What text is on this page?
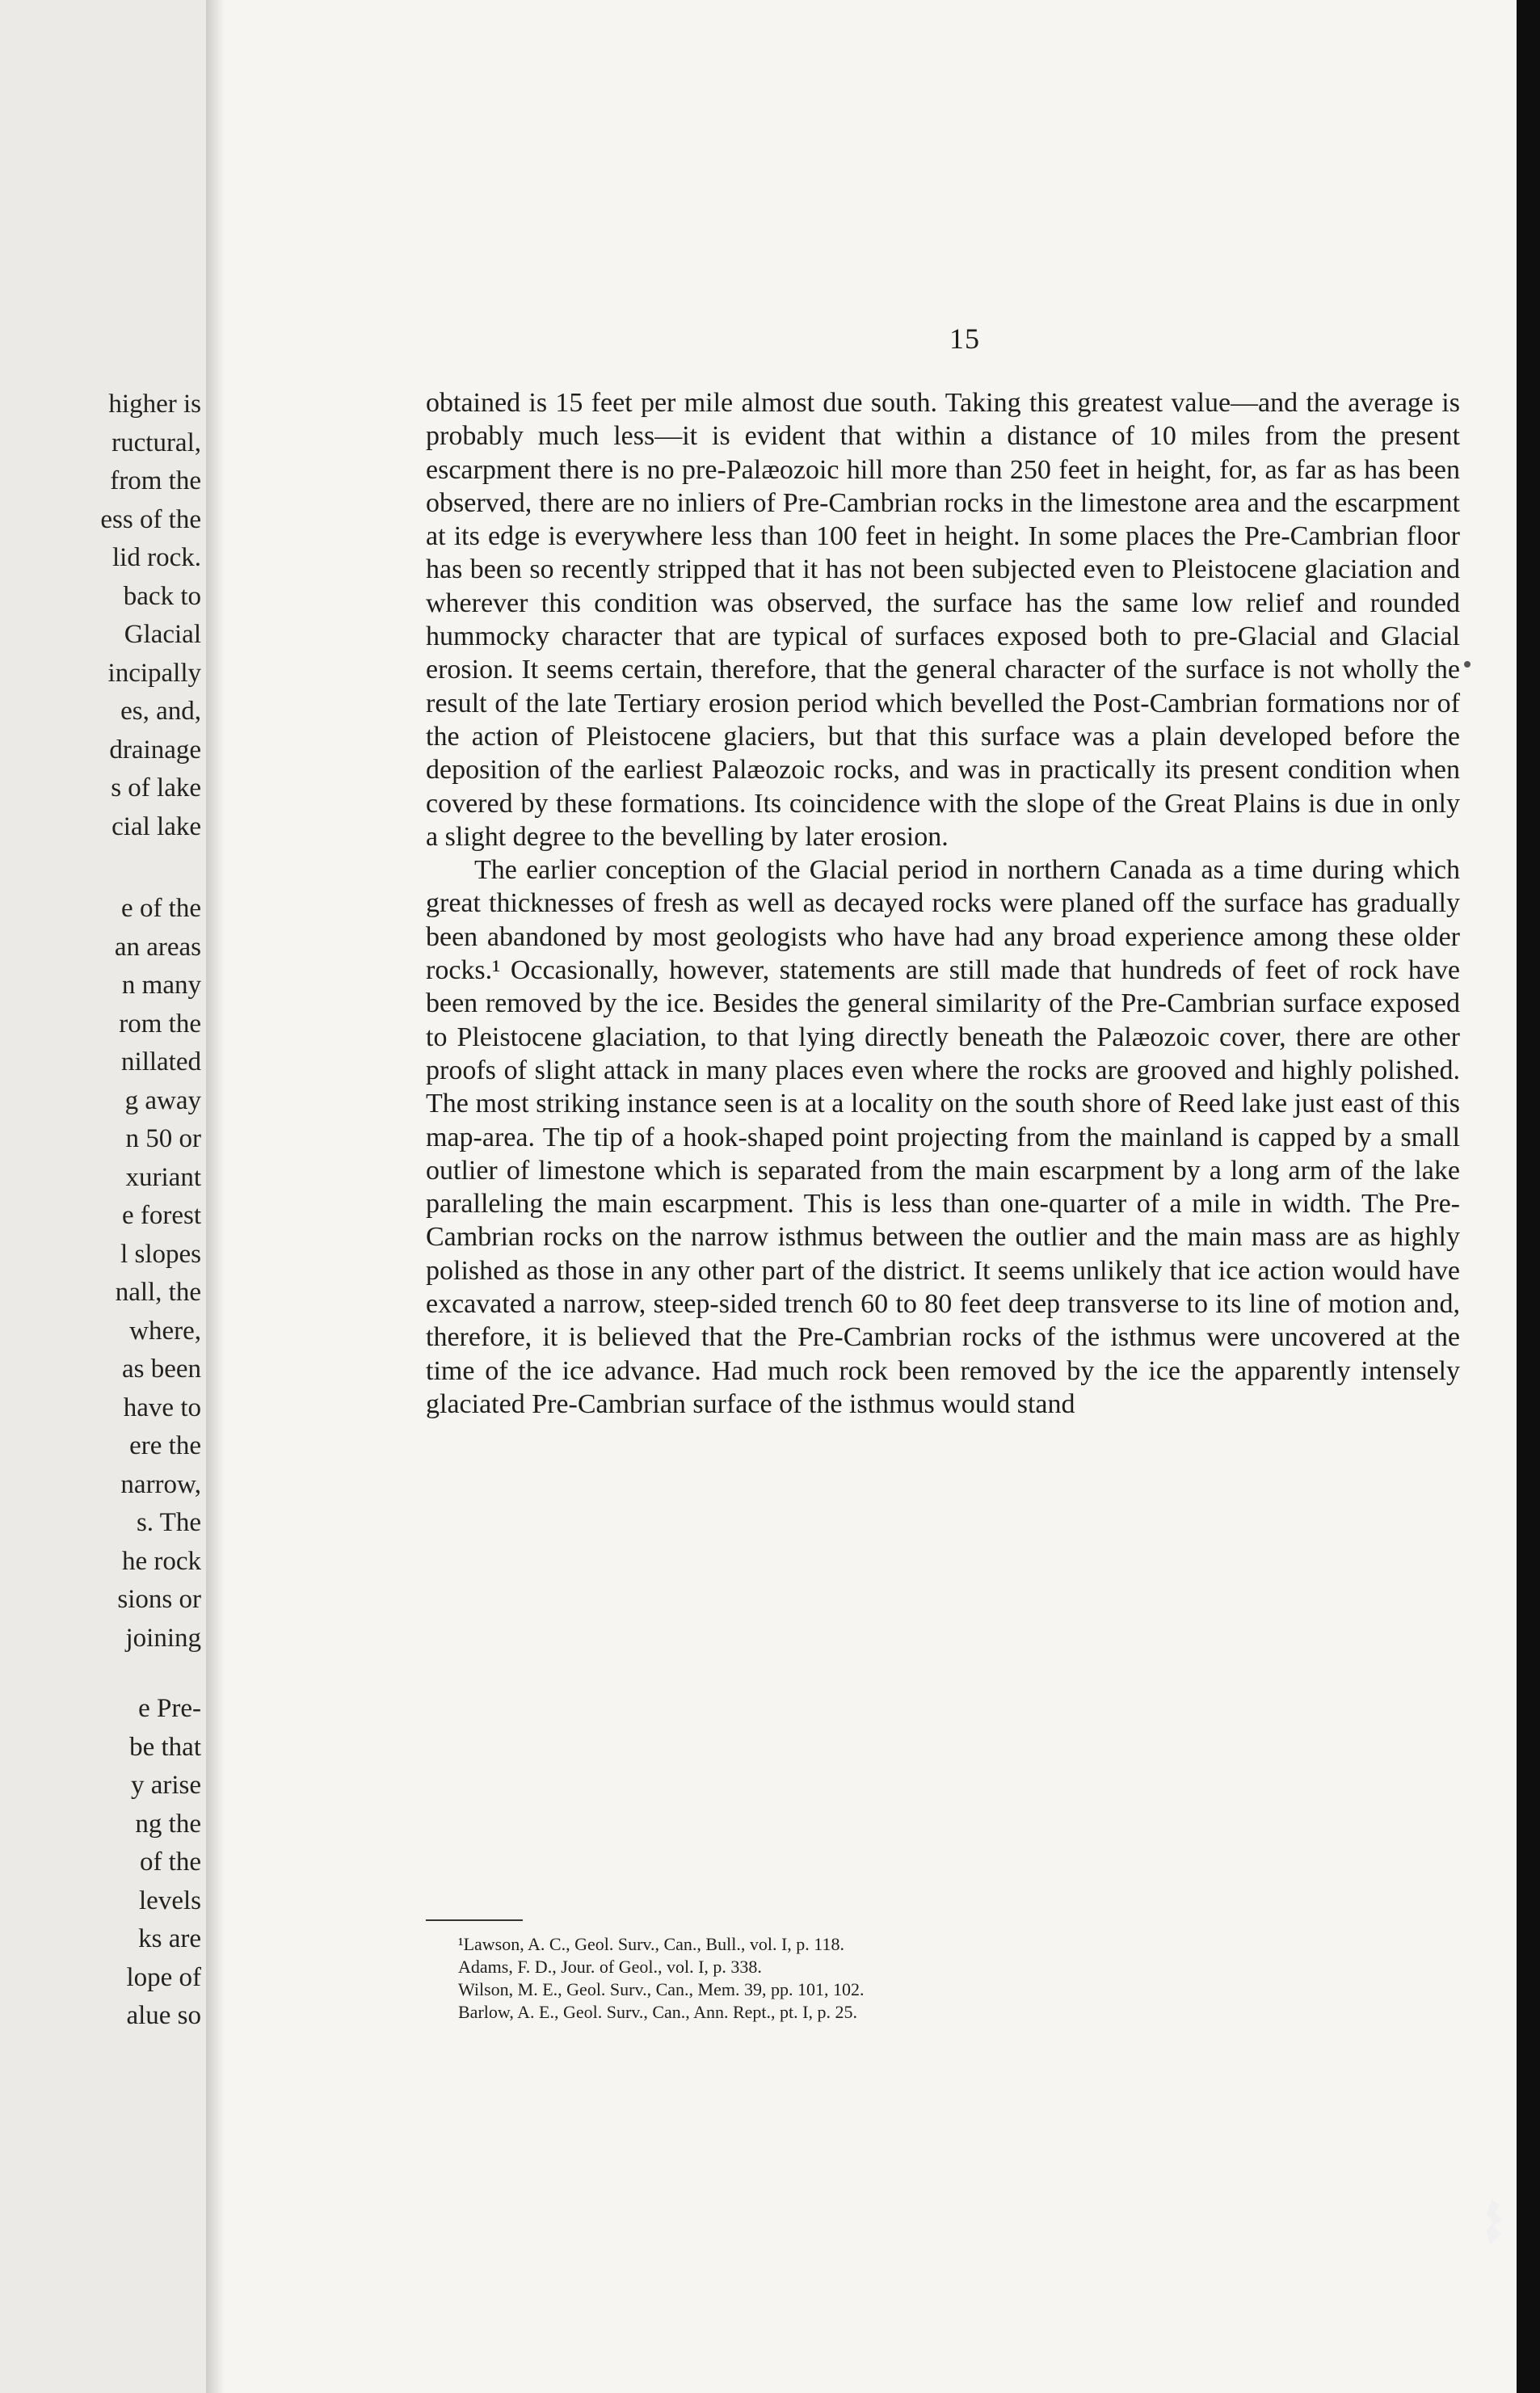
higher is
ructural,
from the
ess of the
lid rock.
back to
Glacial
incipally
es, and,
drainage
s of lake
cial lake
e of the
an areas
n many
rom the
nillated
g away
n 50 or
xuriant
e forest
l slopes
nall, the
where,
as been
have to
ere the
narrow,
s. The
he rock
sions or
joining
e Pre-
be that
y arise
ng the
of the
levels
ks are
lope of
alue so
15

obtained is 15 feet per mile almost due south. Taking this greatest value—and the average is probably much less—it is evident that within a distance of 10 miles from the present escarpment there is no pre-Palæozoic hill more than 250 feet in height, for, as far as has been observed, there are no inliers of Pre-Cambrian rocks in the limestone area and the escarpment at its edge is everywhere less than 100 feet in height. In some places the Pre-Cambrian floor has been so recently stripped that it has not been subjected even to Pleistocene glaciation and wherever this condition was observed, the surface has the same low relief and rounded hummocky character that are typical of surfaces exposed both to pre-Glacial and Glacial erosion. It seems certain, therefore, that the general character of the surface is not wholly the result of the late Tertiary erosion period which bevelled the Post-Cambrian formations nor of the action of Pleistocene glaciers, but that this surface was a plain developed before the deposition of the earliest Palæozoic rocks, and was in practically its present condition when covered by these formations. Its coincidence with the slope of the Great Plains is due in only a slight degree to the bevelling by later erosion.

The earlier conception of the Glacial period in northern Canada as a time during which great thicknesses of fresh as well as decayed rocks were planed off the surface has gradually been abandoned by most geologists who have had any broad experience among these older rocks.¹ Occasionally, however, statements are still made that hundreds of feet of rock have been removed by the ice. Besides the general similarity of the Pre-Cambrian surface exposed to Pleistocene glaciation, to that lying directly beneath the Palæozoic cover, there are other proofs of slight attack in many places even where the rocks are grooved and highly polished. The most striking instance seen is at a locality on the south shore of Reed lake just east of this map-area. The tip of a hook-shaped point projecting from the mainland is capped by a small outlier of limestone which is separated from the main escarpment by a long arm of the lake paralleling the main escarpment. This is less than one-quarter of a mile in width. The Pre-Cambrian rocks on the narrow isthmus between the outlier and the main mass are as highly polished as those in any other part of the district. It seems unlikely that ice action would have excavated a narrow, steep-sided trench 60 to 80 feet deep transverse to its line of motion and, therefore, it is believed that the Pre-Cambrian rocks of the isthmus were uncovered at the time of the ice advance. Had much rock been removed by the ice the apparently intensely glaciated Pre-Cambrian surface of the isthmus would stand

¹Lawson, A. C., Geol. Surv., Can., Bull., vol. I, p. 118.
Adams, F. D., Jour. of Geol., vol. I, p. 338.
Wilson, M. E., Geol. Surv., Can., Mem. 39, pp. 101, 102.
Barlow, A. E., Geol. Surv., Can., Ann. Rept., pt. I, p. 25.
